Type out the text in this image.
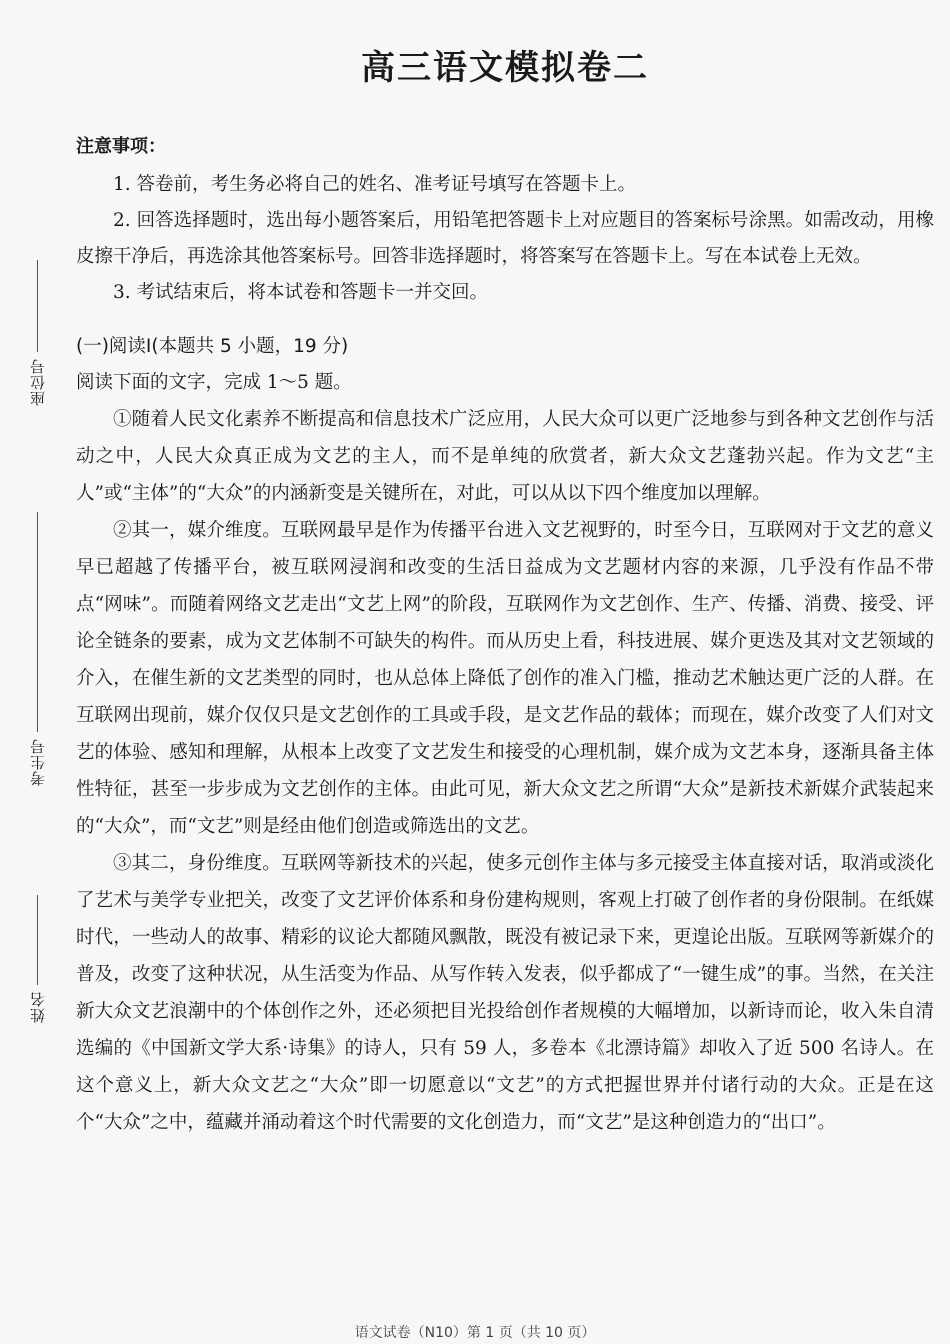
座位号
考生号
姓名
高三语文模拟卷二
注意事项：

1. 答卷前，考生务必将自己的姓名、准考证号填写在答题卡上。

2. 回答选择题时，选出每小题答案后，用铅笔把答题卡上对应题目的答案标号涂黑。如需改动，用橡皮擦干净后，再选涂其他答案标号。回答非选择题时，将答案写在答题卡上。写在本试卷上无效。

3. 考试结束后，将本试卷和答题卡一并交回。

(一)阅读Ⅰ(本题共 5 小题，19 分)
阅读下面的文字，完成 1～5 题。

①随着人民文化素养不断提高和信息技术广泛应用，人民大众可以更广泛地参与到各种文艺创作与活动之中，人民大众真正成为文艺的主人，而不是单纯的欣赏者，新大众文艺蓬勃兴起。作为文艺“主人”或“主体”的“大众”的内涵新变是关键所在，对此，可以从以下四个维度加以理解。

②其一，媒介维度。互联网最早是作为传播平台进入文艺视野的，时至今日，互联网对于文艺的意义早已超越了传播平台，被互联网浸润和改变的生活日益成为文艺题材内容的来源，几乎没有作品不带点“网味”。而随着网络文艺走出“文艺上网”的阶段，互联网作为文艺创作、生产、传播、消费、接受、评论全链条的要素，成为文艺体制不可缺失的构件。而从历史上看，科技进展、媒介更迭及其对文艺领域的介入，在催生新的文艺类型的同时，也从总体上降低了创作的准入门槛，推动艺术触达更广泛的人群。在互联网出现前，媒介仅仅只是文艺创作的工具或手段，是文艺作品的载体；而现在，媒介改变了人们对文艺的体验、感知和理解，从根本上改变了文艺发生和接受的心理机制，媒介成为文艺本身，逐渐具备主体性特征，甚至一步步成为文艺创作的主体。由此可见，新大众文艺之所谓“大众”是新技术新媒介武装起来的“大众”，而“文艺”则是经由他们创造或筛选出的文艺。

③其二，身份维度。互联网等新技术的兴起，使多元创作主体与多元接受主体直接对话，取消或淡化了艺术与美学专业把关，改变了文艺评价体系和身份建构规则，客观上打破了创作者的身份限制。在纸媒时代，一些动人的故事、精彩的议论大都随风飘散，既没有被记录下来，更遑论出版。互联网等新媒介的普及，改变了这种状况，从生活变为作品、从写作转入发表，似乎都成了“一键生成”的事。当然，在关注新大众文艺浪潮中的个体创作之外，还必须把目光投给创作者规模的大幅增加，以新诗而论，收入朱自清选编的《中国新文学大系·诗集》的诗人，只有 59 人，多卷本《北漂诗篇》却收入了近 500 名诗人。在这个意义上，新大众文艺之“大众”即一切愿意以“文艺”的方式把握世界并付诸行动的大众。正是在这个“大众”之中，蕴藏并涌动着这个时代需要的文化创造力，而“文艺”是这种创造力的“出口”。

语文试卷（N10）第 1 页（共 10 页）
